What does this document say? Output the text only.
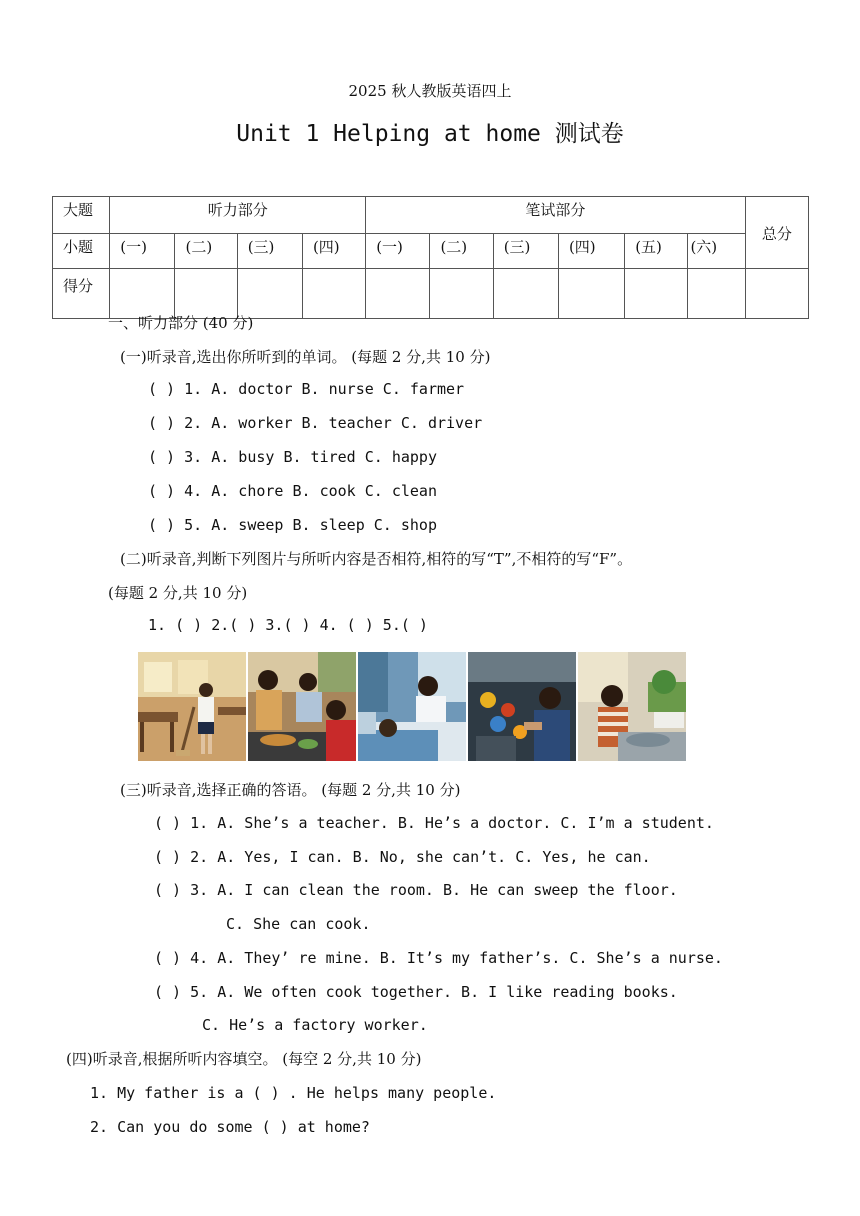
2025 秋人教版英语四上
Unit 1 Helping at home 测试卷
大题	听力部分				笔试部分						总分
小题	(一)	(二)	(三)	(四)	(一)	(二)	(三)	(四)	(五)	(六)	
得分											
一、听力部分 (40 分)
(一)听录音,选出你所听到的单词。 (每题 2 分,共 10 分)
( ) 1. A. doctor B. nurse C. farmer
( ) 2. A. worker B. teacher C. driver
( ) 3. A. busy B. tired C. happy
( ) 4. A. chore B. cook C. clean
( ) 5. A. sweep B. sleep C. shop
(二)听录音,判断下列图片与所听内容是否相符,相符的写“T”,不相符的写“F”。
(每题 2 分,共 10 分)
1. ( ) 2.( ) 3.( ) 4. ( ) 5.( )
(三)听录音,选择正确的答语。 (每题 2 分,共 10 分)
( ) 1. A. She’s a teacher. B. He’s a doctor. C. I’m a student.
( ) 2. A. Yes, I can. B. No, she can’t. C. Yes, he can.
( ) 3. A. I can clean the room. B. He can sweep the floor.
C. She can cook.
( ) 4. A. They’ re mine. B. It’s my father’s. C. She’s a nurse.
( ) 5. A. We often cook together. B. I like reading books.
C. He’s a factory worker.
(四)听录音,根据所听内容填空。 (每空 2 分,共 10 分)
1. My father is a ( ) . He helps many people.
2. Can you do some ( ) at home?
